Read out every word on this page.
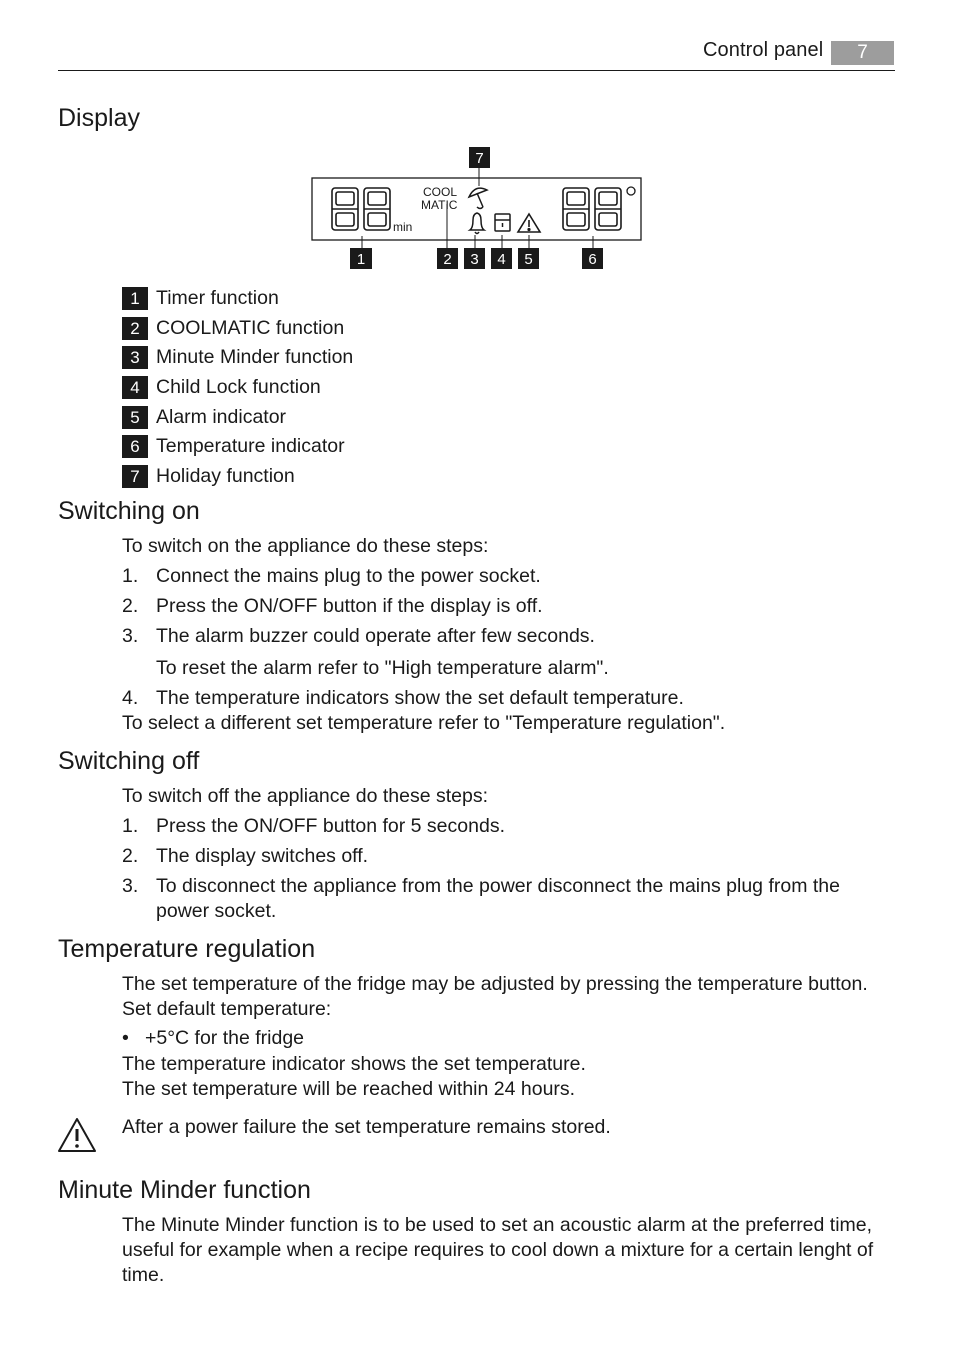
Control panel	7
Display
min
COOL
MATIC
7
1	2 3 4 5	6
1 Timer function
2 COOLMATIC function
3 Minute Minder function
4 Child Lock function
5 Alarm indicator
6 Temperature indicator
7 Holiday function
Switching on

To switch on the appliance do these steps:

1. Connect the mains plug to the power socket.
2. Press the ON/OFF button if the display is off.
3. The alarm buzzer could operate after few seconds.

To reset the alarm refer to "High temperature alarm".

4. The temperature indicators show the set default temperature.

To select a different set temperature refer to "Temperature regulation".

Switching off

To switch off the appliance do these steps:

1. Press the ON/OFF button for 5 seconds.
2. The display switches off.
3. To disconnect the appliance from the power disconnect the mains plug from the power socket.
Temperature regulation

The set temperature of the fridge may be adjusted by pressing the temperature button.

Set default temperature:

• +5°C for the fridge

The temperature indicator shows the set temperature.

The set temperature will be reached within 24 hours.

After a power failure the set temperature remains stored.

Minute Minder function

The Minute Minder function is to be used to set an acoustic alarm at the preferred time, useful for example when a recipe requires to cool down a mixture for a certain lenght of time.
